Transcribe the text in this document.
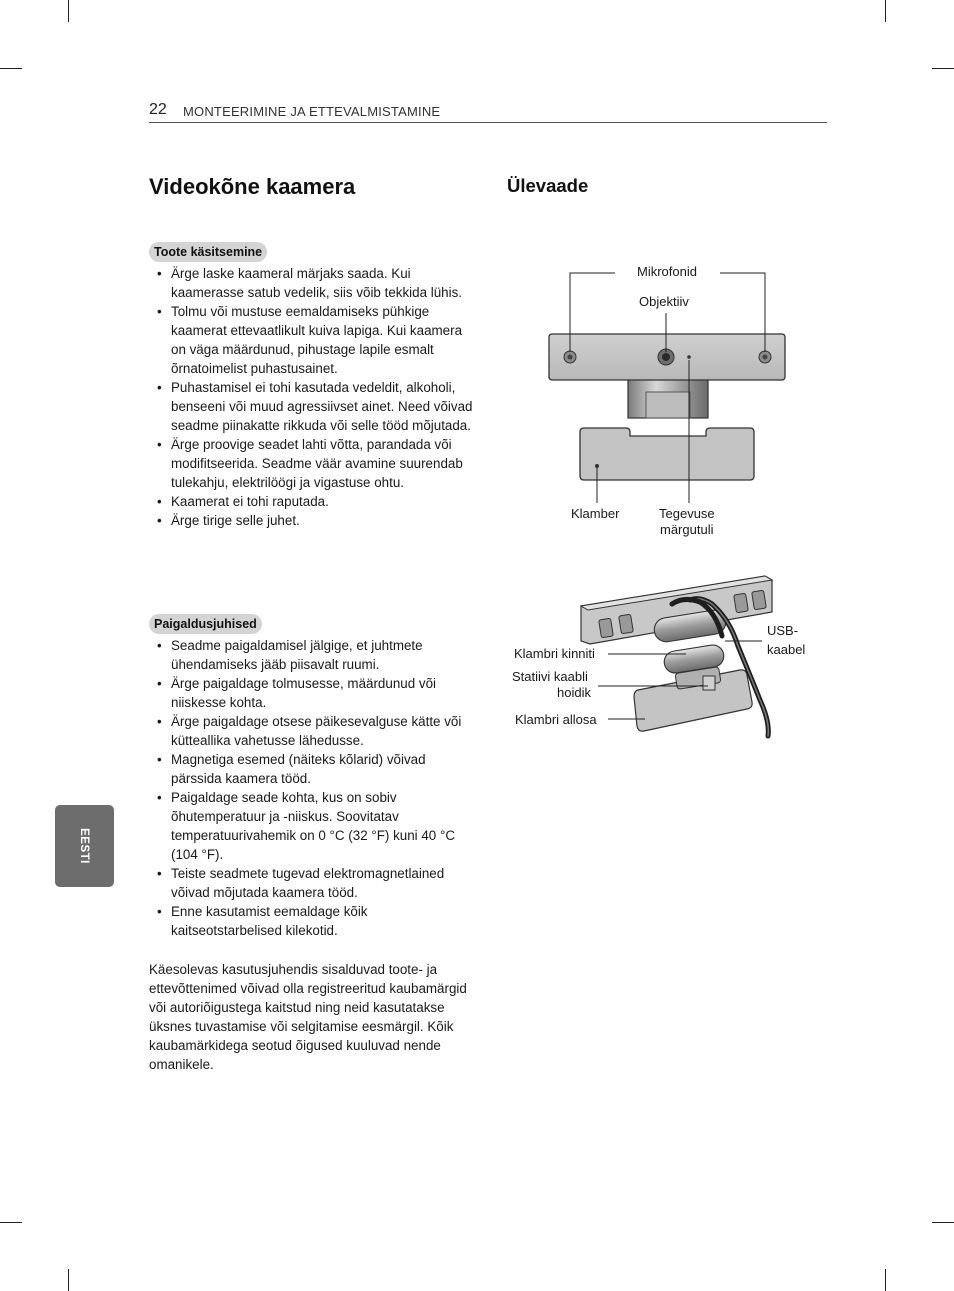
22 MONTEERIMINE JA ETTEVALMISTAMINE
Videokõne kaamera
Toote käsitsemine
• Ärge laske kaameral märjaks saada. Kui kaamerasse satub vedelik, siis võib tekkida lühis.
• Tolmu või mustuse eemaldamiseks pühkige kaamerat ettevaatlikult kuiva lapiga. Kui kaamera on väga määrdunud, pihustage lapile esmalt õrnatoimelist puhastusainet.
• Puhastamisel ei tohi kasutada vedeldit, alkoholi, benseeni või muud agressiivset ainet. Need võivad seadme piinakatte rikkuda või selle tööd mõjutada.
• Ärge proovige seadet lahti võtta, parandada või modifitseerida. Seadme väär avamine suurendab tulekahju, elektrilöögi ja vigastuse ohtu.
• Kaamerat ei tohi raputada.
• Ärge tirige selle juhet.
Paigaldusjuhised
• Seadme paigaldamisel jälgige, et juhtmete ühendamiseks jääb piisavalt ruumi.
• Ärge paigaldage tolmusesse, määrdunud või niiskesse kohta.
• Ärge paigaldage otsese päikesevalguse kätte või kütteallika vahetusse lähedusse.
• Magnetiga esemed (näiteks kõlarid) võivad pärssida kaamera tööd.
• Paigaldage seade kohta, kus on sobiv õhutemperatuur ja -niiskus. Soovitatav temperatuurivahemik on 0 °C (32 °F) kuni 40 °C (104 °F).
• Teiste seadmete tugevad elektromagnetlained võivad mõjutada kaamera tööd.
• Enne kasutamist eemaldage kõik kaitseotstarbelised kilekotid.

Käesolevas kasutusjuhendis sisalduvad toote- ja ettevõttenimed võivad olla registreeritud kaubamärgid või autoriõigustega kaitstud ning neid kasutatakse üksnes tuvastamise või selgitamise eesmärgil. Kõik kaubamärkidega seotud õigused kuuluvad nende omanikele.

EESTI
Ülevaade
Mikrofonid
Objektiiv
Klamber	Tegevuse
märgutuli
USB-
kaabel
Klambri kinniti
Statiivi kaabli
hoidik
Klambri allosa
